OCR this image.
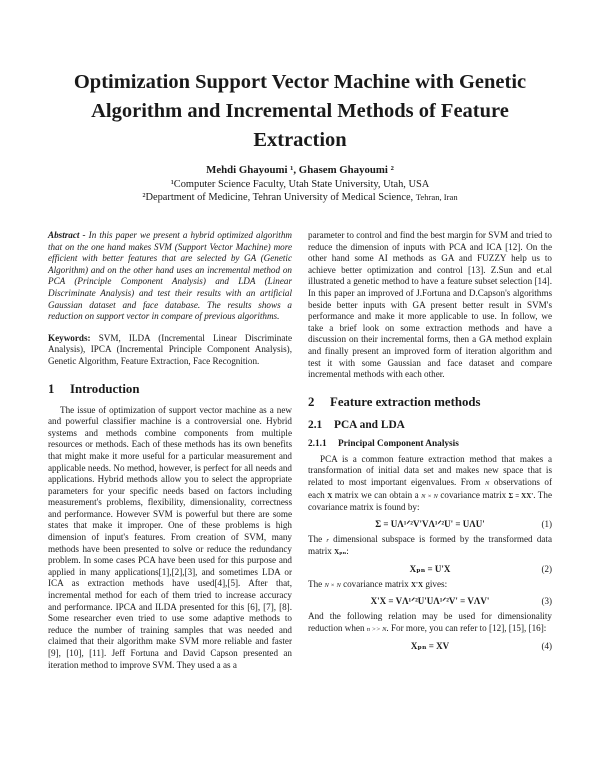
Optimization Support Vector Machine with Genetic
Algorithm and Incremental Methods of Feature
Extraction
Mehdi Ghayoumi ¹, Ghasem Ghayoumi ²
¹Computer Science Faculty, Utah State University, Utah, USA
²Department of Medicine, Tehran University of Medical Science, Tehran, Iran

Abstract - In this paper we present a hybrid optimized algorithm that on the one hand makes SVM (Support Vector Machine) more efficient with better features that are selected by GA (Genetic Algorithm) and on the other hand uses an incremental method on PCA (Principle Component Analysis) and LDA (Linear Discriminate Analysis) and test their results with an artificial Gaussian dataset and face database. The results shows a reduction on support vector in compare of previous algorithms.

Keywords: SVM, ILDA (Incremental Linear Discriminate Analysis), IPCA (Incremental Principle Component Analysis), Genetic Algorithm, Feature Extraction, Face Recognition.

1 Introduction

The issue of optimization of support vector machine as a new and powerful classifier machine is a controversial one. Hybrid systems and methods combine components from multiple resources or methods. Each of these methods has its own benefits that might make it more useful for a particular measurement and applicable needs. No method, however, is perfect for all needs and applications. Hybrid methods allow you to select the appropriate parameters for your specific needs based on factors including measurement's problems, flexibility, dimensionality, correctness and performance. However SVM is powerful but there are some states that make it improper. One of these problems is high dimension of input's features. From creation of SVM, many methods have been presented to solve or reduce the redundancy problem. In some cases PCA have been used for this purpose and applied in many applications[1],[2],[3], and sometimes LDA or ICA as extraction methods have used[4],[5]. After that, incremental method for each of them tried to increase accuracy and performance. IPCA and ILDA presented for this [6], [7], [8]. Some researcher even tried to use some adaptive methods to reduce the number of training samples that was needed and claimed that their algorithm make SVM more reliable and faster [9], [10], [11]. Jeff Fortuna and David Capson presented an iteration method to improve SVM. They used a as a

parameter to control and find the best margin for SVM and tried to reduce the dimension of inputs with PCA and ICA [12]. On the other hand some AI methods as GA and FUZZY help us to achieve better optimization and control [13]. Z.Sun and et.al illustrated a genetic method to have a feature subset selection [14]. In this paper an improved of J.Fortuna and D.Capson's algorithms beside better inputs with GA present better result in SVM's performance and make it more applicable to use. In follow, we take a brief look on some extraction methods and have a discussion on their incremental forms, then a GA method explain and finally present an improved form of iteration algorithm and test it with some Gaussian and face dataset and compare incremental methods with each other.

2 Feature extraction methods

2.1 PCA and LDA

2.1.1 Principal Component Analysis

PCA is a common feature extraction method that makes a transformation of initial data set and makes new space that is related to most important eigenvalues. From N observations of each X matrix we can obtain a N × N covariance matrix Σ = XX'. The covariance matrix is found by:

Σ = UΛ¹ᐟ²V'VΛ¹ᐟ²U' = UΛU'	(1)

The r dimensional subspace is formed by the transformed data matrix Xₚₙ:

Xₚₙ = U'X	(2)

The N × N covariance matrix X'X gives:

X'X = VΛ¹ᐟ²U'UΛ¹ᐟ²V' = VΛV'	(3)

And the following relation may be used for dimensionality reduction when n >> N. For more, you can refer to [12], [15], [16]:

Xₚₙ = XV	(4)
